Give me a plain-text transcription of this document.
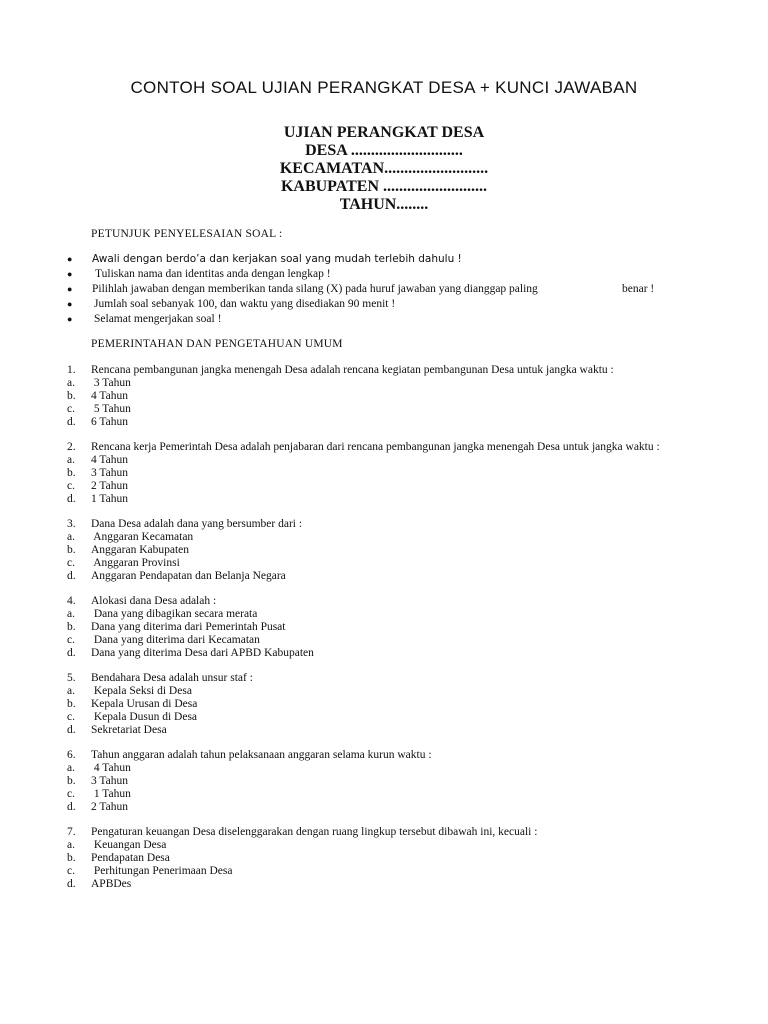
CONTOH SOAL UJIAN PERANGKAT DESA + KUNCI JAWABAN
UJIAN PERANGKAT DESA
DESA ............................
KECAMATAN..........................
KABUPATEN ..........................
TAHUN........
PETUNJUK PENYELESAIAN SOAL :
● Awali dengan berdo’a dan kerjakan soal yang mudah terlebih dahulu !
● Tuliskan nama dan identitas anda dengan lengkap !
● Pilihlah jawaban dengan memberikan tanda silang (X) pada huruf jawaban yang dianggap paling	benar !
● Jumlah soal sebanyak 100, dan waktu yang disediakan 90 menit !
● Selamat mengerjakan soal !
PEMERINTAHAN DAN PENGETAHUAN UMUM
1. Rencana pembangunan jangka menengah Desa adalah rencana kegiatan pembangunan Desa untuk jangka waktu :
a. 3 Tahun
b. 4 Tahun
c. 5 Tahun
d. 6 Tahun
2. Rencana kerja Pemerintah Desa adalah penjabaran dari rencana pembangunan jangka menengah Desa untuk jangka waktu :
a. 4 Tahun
b. 3 Tahun
c. 2 Tahun
d. 1 Tahun
3. Dana Desa adalah dana yang bersumber dari :
a. Anggaran Kecamatan
b. Anggaran Kabupaten
c. Anggaran Provinsi
d. Anggaran Pendapatan dan Belanja Negara
4. Alokasi dana Desa adalah :
a. Dana yang dibagikan secara merata
b. Dana yang diterima dari Pemerintah Pusat
c. Dana yang diterima dari Kecamatan
d. Dana yang diterima Desa dari APBD Kabupaten
5. Bendahara Desa adalah unsur staf :
a. Kepala Seksi di Desa
b. Kepala Urusan di Desa
c. Kepala Dusun di Desa
d. Sekretariat Desa
6. Tahun anggaran adalah tahun pelaksanaan anggaran selama kurun waktu :
a. 4 Tahun
b. 3 Tahun
c. 1 Tahun
d. 2 Tahun
7. Pengaturan keuangan Desa diselenggarakan dengan ruang lingkup tersebut dibawah ini, kecuali :
a. Keuangan Desa
b. Pendapatan Desa
c. Perhitungan Penerimaan Desa
d. APBDes
